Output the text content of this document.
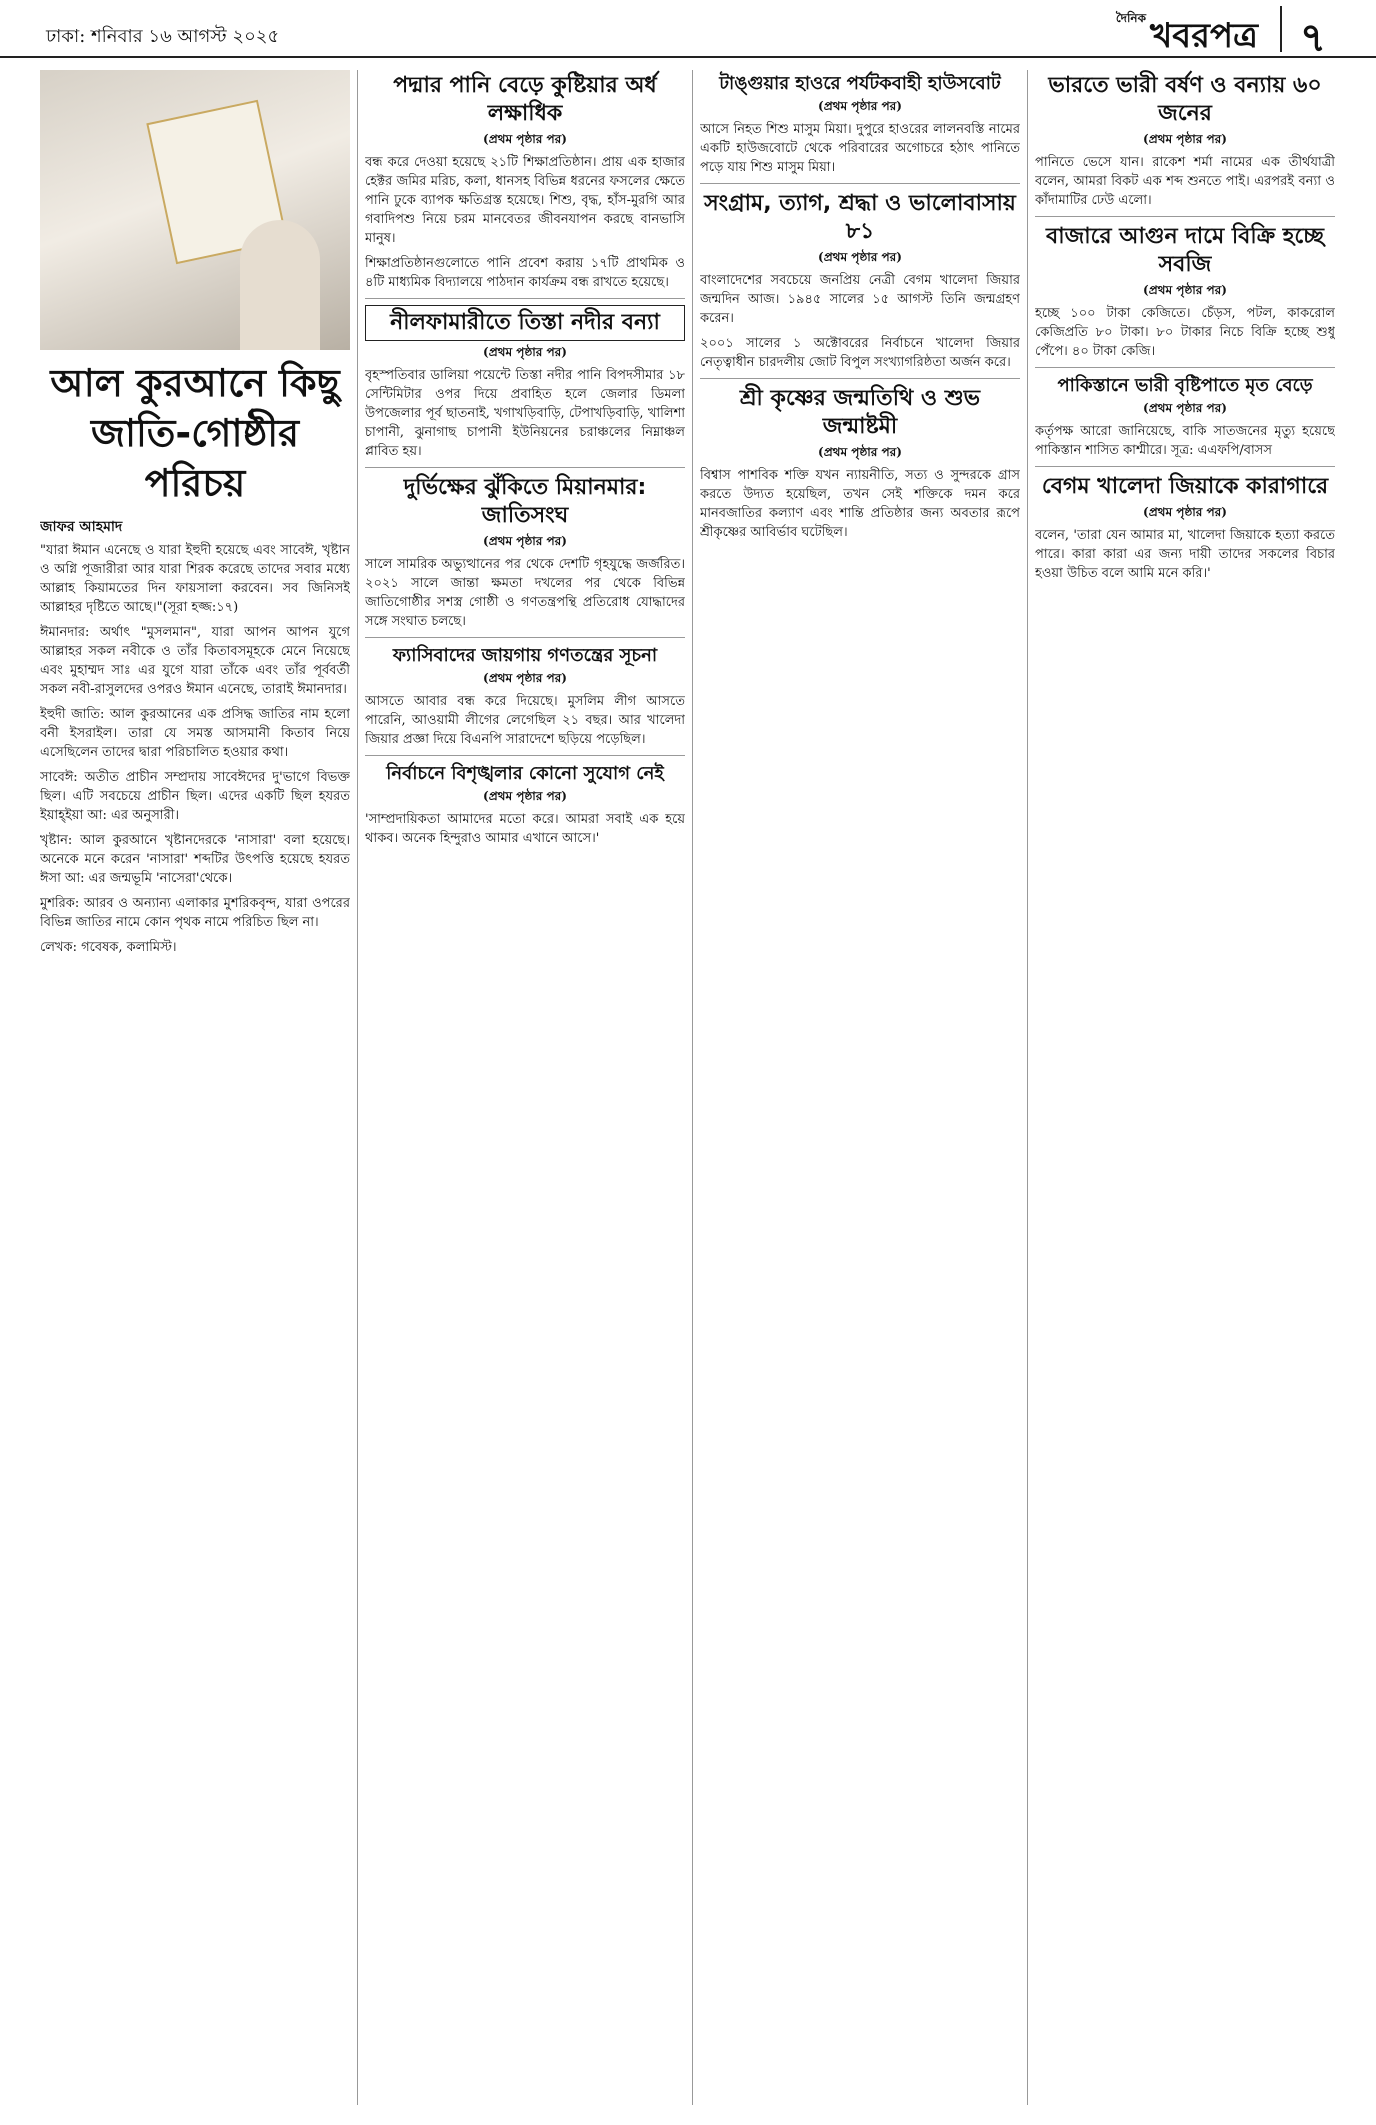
ঢাকা: শনিবার ১৬ আগস্ট ২০২৫
$^{দৈনিক}$ খবরপত্র	৭
আল কুরআনে কিছু জাতি-গোষ্ঠীর পরিচয়
জাফর আহমাদ

"যারা ঈমান এনেছে ও যারা ইহুদী হয়েছে এবং সাবেঈ, খৃষ্টান ও অগ্নি পূজারীরা আর যারা শিরক করেছে তাদের সবার মধ্যে আল্লাহ কিয়ামতের দিন ফায়সালা করবেন। সব জিনিসই আল্লাহর দৃষ্টিতে আছে।"(সূরা হজ্জ:১৭)

ঈমানদার: অর্থাৎ "মুসলমান", যারা আপন আপন যুগে আল্লাহর সকল নবীকে ও তাঁর কিতাবসমূহকে মেনে নিয়েছে এবং মুহাম্মদ সাঃ এর যুগে যারা তাঁকে এবং তাঁর পূর্ববর্তী সকল নবী-রাসুলদের ওপরও ঈমান এনেছে, তারাই ঈমানদার।

ইহুদী জাতি: আল কুরআনের এক প্রসিদ্ধ জাতির নাম হলো বনী ইসরাইল। তারা যে সমস্ত আসমানী কিতাব নিয়ে এসেছিলেন তাদের দ্বারা পরিচালিত হওয়ার কথা।

সাবেঈ: অতীত প্রাচীন সম্প্রদায় সাবেঈদের দু'ভাগে বিভক্ত ছিল। এটি সবচেয়ে প্রাচীন ছিল। এদের একটি ছিল হযরত ইয়াহ্‌ইয়া আ: এর অনুসারী।

খৃষ্টান: আল কুরআনে খৃষ্টানদেরকে 'নাসারা' বলা হয়েছে। অনেকে মনে করেন 'নাসারা' শব্দটির উৎপত্তি হয়েছে হযরত ঈসা আ: এর জন্মভূমি 'নাসেরা'থেকে।

মুশরিক: আরব ও অন্যান্য এলাকার মুশরিকবৃন্দ, যারা ওপরের বিভিন্ন জাতির নামে কোন পৃথক নামে পরিচিত ছিল না।

লেখক: গবেষক, কলামিস্ট।

পদ্মার পানি বেড়ে কুষ্টিয়ার অর্ধ লক্ষাধিক
(প্রথম পৃষ্ঠার পর)

বন্ধ করে দেওয়া হয়েছে ২১টি শিক্ষাপ্রতিষ্ঠান। প্রায় এক হাজার হেক্টর জমির মরিচ, কলা, ধানসহ বিভিন্ন ধরনের ফসলের ক্ষেতে পানি ঢুকে ব্যাপক ক্ষতিগ্রস্ত হয়েছে। শিশু, বৃদ্ধ, হাঁস-মুরগি আর গবাদিপশু নিয়ে চরম মানবেতর জীবনযাপন করছে বানভাসি মানুষ।

শিক্ষাপ্রতিষ্ঠানগুলোতে পানি প্রবেশ করায় ১৭টি প্রাথমিক ও ৪টি মাধ্যমিক বিদ্যালয়ে পাঠদান কার্যক্রম বন্ধ রাখতে হয়েছে।

নীলফামারীতে তিস্তা নদীর বন্যা
(প্রথম পৃষ্ঠার পর)

বৃহস্পতিবার ডালিয়া পয়েন্টে তিস্তা নদীর পানি বিপদসীমার ১৮ সেন্টিমিটার ওপর দিয়ে প্রবাহিত হলে জেলার ডিমলা উপজেলার পূর্ব ছাতনাই, খগাখড়িবাড়ি, টেপাখড়িবাড়ি, খালিশা চাপানী, ঝুনাগাছ চাপানী ইউনিয়নের চরাঞ্চলের নিম্নাঞ্চল প্লাবিত হয়।

দুর্ভিক্ষের ঝুঁকিতে মিয়ানমার: জাতিসংঘ
(প্রথম পৃষ্ঠার পর)

সালে সামরিক অভ্যুত্থানের পর থেকে দেশটি গৃহযুদ্ধে জর্জরিত। ২০২১ সালে জান্তা ক্ষমতা দখলের পর থেকে বিভিন্ন জাতিগোষ্ঠীর সশস্ত্র গোষ্ঠী ও গণতন্ত্রপন্থি প্রতিরোধ যোদ্ধাদের সঙ্গে সংঘাত চলছে।

ফ্যাসিবাদের জায়গায় গণতন্ত্রের সূচনা
(প্রথম পৃষ্ঠার পর)

আসতে আবার বন্ধ করে দিয়েছে। মুসলিম লীগ আসতে পারেনি, আওয়ামী লীগের লেগেছিল ২১ বছর। আর খালেদা জিয়ার প্রজ্ঞা দিয়ে বিএনপি সারাদেশে ছড়িয়ে পড়েছিল।

নির্বাচনে বিশৃঙ্খলার কোনো সুযোগ নেই
(প্রথম পৃষ্ঠার পর)

'সাম্প্রদায়িকতা আমাদের মতো করে। আমরা সবাই এক হয়ে থাকব। অনেক হিন্দুরাও আমার এখানে আসে।'

টাঙ্গুয়ার হাওরে পর্যটকবাহী হাউসবোট
(প্রথম পৃষ্ঠার পর)

আসে নিহত শিশু মাসুম মিয়া। দুপুরে হাওরের লালনবস্তি নামের একটি হাউজবোটে থেকে পরিবারের অগোচরে হঠাৎ পানিতে পড়ে যায় শিশু মাসুম মিয়া।

সংগ্রাম, ত্যাগ, শ্রদ্ধা ও ভালোবাসায় ৮১
(প্রথম পৃষ্ঠার পর)

বাংলাদেশের সবচেয়ে জনপ্রিয় নেত্রী বেগম খালেদা জিয়ার জন্মদিন আজ। ১৯৪৫ সালের ১৫ আগস্ট তিনি জন্মগ্রহণ করেন।

২০০১ সালের ১ অক্টোবরের নির্বাচনে খালেদা জিয়ার নেতৃত্বাধীন চারদলীয় জোট বিপুল সংখ্যাগরিষ্ঠতা অর্জন করে।

শ্রী কৃষ্ণের জন্মতিথি ও শুভ জন্মাষ্টমী
(প্রথম পৃষ্ঠার পর)

বিশ্বাস পাশবিক শক্তি যখন ন্যায়নীতি, সত্য ও সুন্দরকে গ্রাস করতে উদ্যত হয়েছিল, তখন সেই শক্তিকে দমন করে মানবজাতির কল্যাণ এবং শান্তি প্রতিষ্ঠার জন্য অবতার রূপে শ্রীকৃষ্ণের আবির্ভাব ঘটেছিল।

ভারতে ভারী বর্ষণ ও বন্যায় ৬০ জনের
(প্রথম পৃষ্ঠার পর)

পানিতে ভেসে যান। রাকেশ শর্মা নামের এক তীর্থযাত্রী বলেন, আমরা বিকট এক শব্দ শুনতে পাই। এরপরই বন্যা ও কাঁদামাটির ঢেউ এলো।

বাজারে আগুন দামে বিক্রি হচ্ছে সবজি
(প্রথম পৃষ্ঠার পর)

হচ্ছে ১০০ টাকা কেজিতে। চেঁড়স, পটল, কাকরোল কেজিপ্রতি ৮০ টাকা। ৮০ টাকার নিচে বিক্রি হচ্ছে শুধু পেঁপে। ৪০ টাকা কেজি।

পাকিস্তানে ভারী বৃষ্টিপাতে মৃত বেড়ে
(প্রথম পৃষ্ঠার পর)

কর্তৃপক্ষ আরো জানিয়েছে, বাকি সাতজনের মৃত্যু হয়েছে পাকিস্তান শাসিত কাশ্মীরে। সূত্র: এএফপি/বাসস

বেগম খালেদা জিয়াকে কারাগারে
(প্রথম পৃষ্ঠার পর)

বলেন, 'তারা যেন আমার মা, খালেদা জিয়াকে হত্যা করতে পারে। কারা কারা এর জন্য দায়ী তাদের সকলের বিচার হওয়া উচিত বলে আমি মনে করি।'
